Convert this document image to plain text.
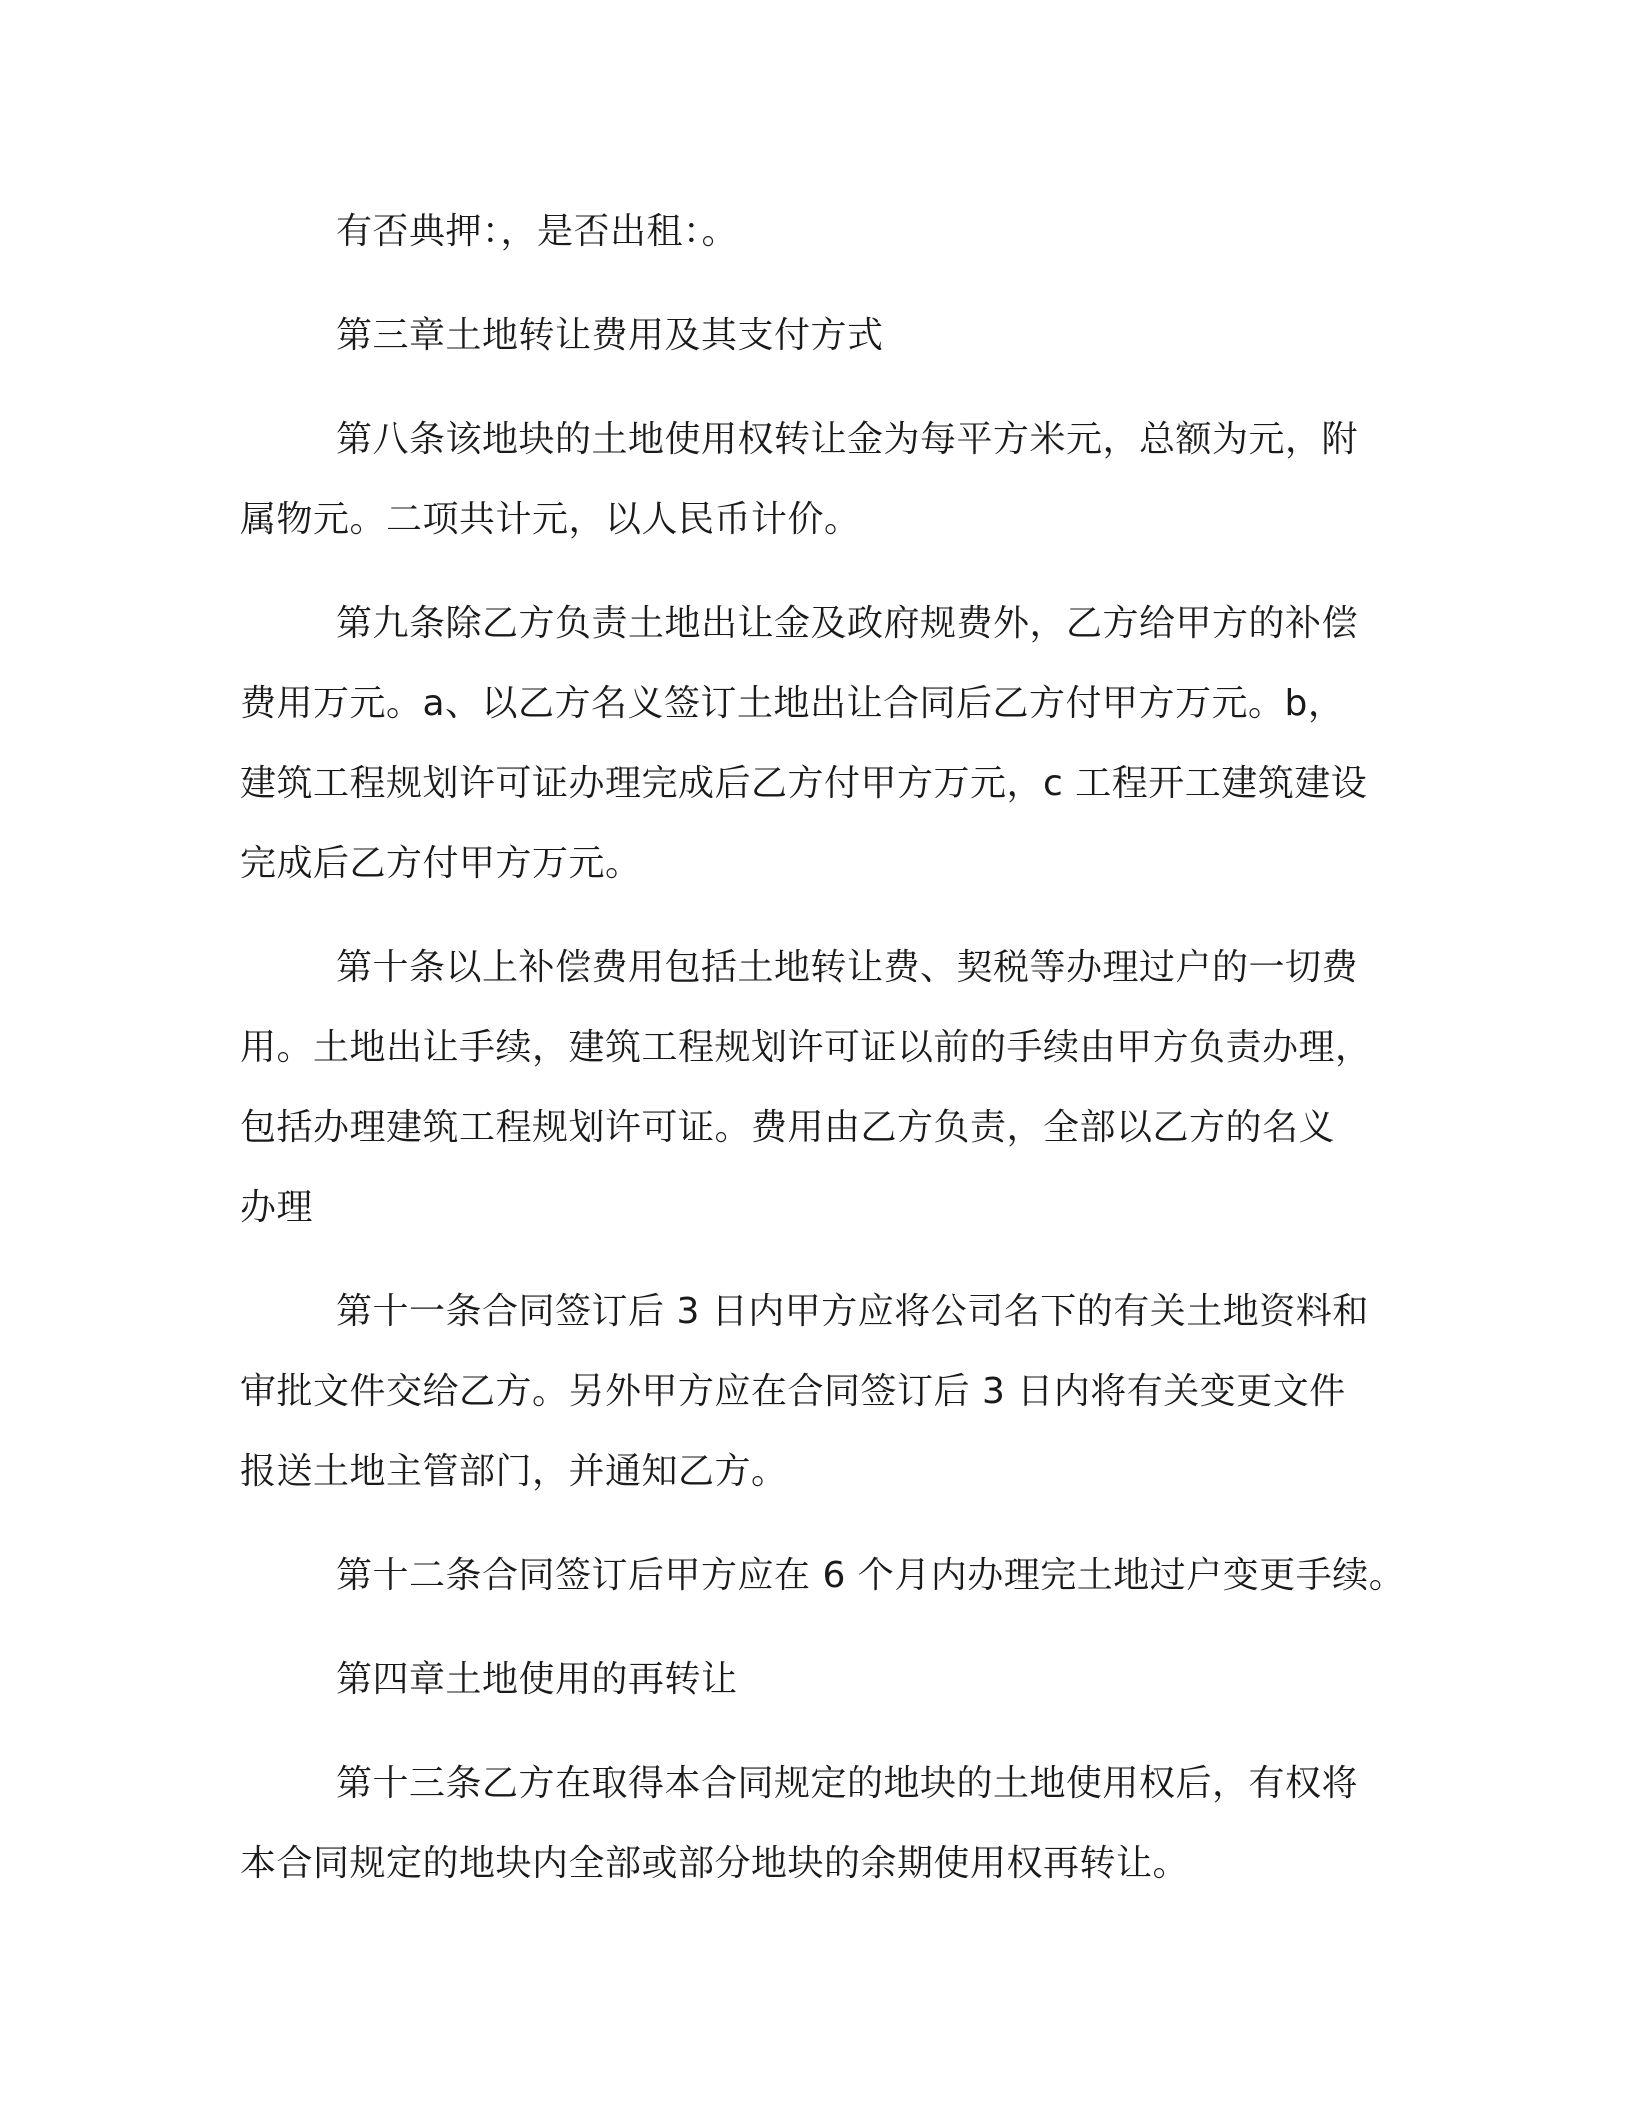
有否典押：，是否出租：。
第三章土地转让费用及其支付方式
第八条该地块的土地使用权转让金为每平方米元，总额为元，附
属物元。二项共计元，以人民币计价。
第九条除乙方负责土地出让金及政府规费外，乙方给甲方的补偿
费用万元。a、以乙方名义签订土地出让合同后乙方付甲方万元。b，
建筑工程规划许可证办理完成后乙方付甲方万元，c 工程开工建筑建设
完成后乙方付甲方万元。
第十条以上补偿费用包括土地转让费、契税等办理过户的一切费
用。土地出让手续，建筑工程规划许可证以前的手续由甲方负责办理，
包括办理建筑工程规划许可证。费用由乙方负责，全部以乙方的名义
办理
第十一条合同签订后 3 日内甲方应将公司名下的有关土地资料和
审批文件交给乙方。另外甲方应在合同签订后 3 日内将有关变更文件
报送土地主管部门，并通知乙方。
第十二条合同签订后甲方应在 6 个月内办理完土地过户变更手续。
第四章土地使用的再转让
第十三条乙方在取得本合同规定的地块的土地使用权后，有权将
本合同规定的地块内全部或部分地块的余期使用权再转让。
